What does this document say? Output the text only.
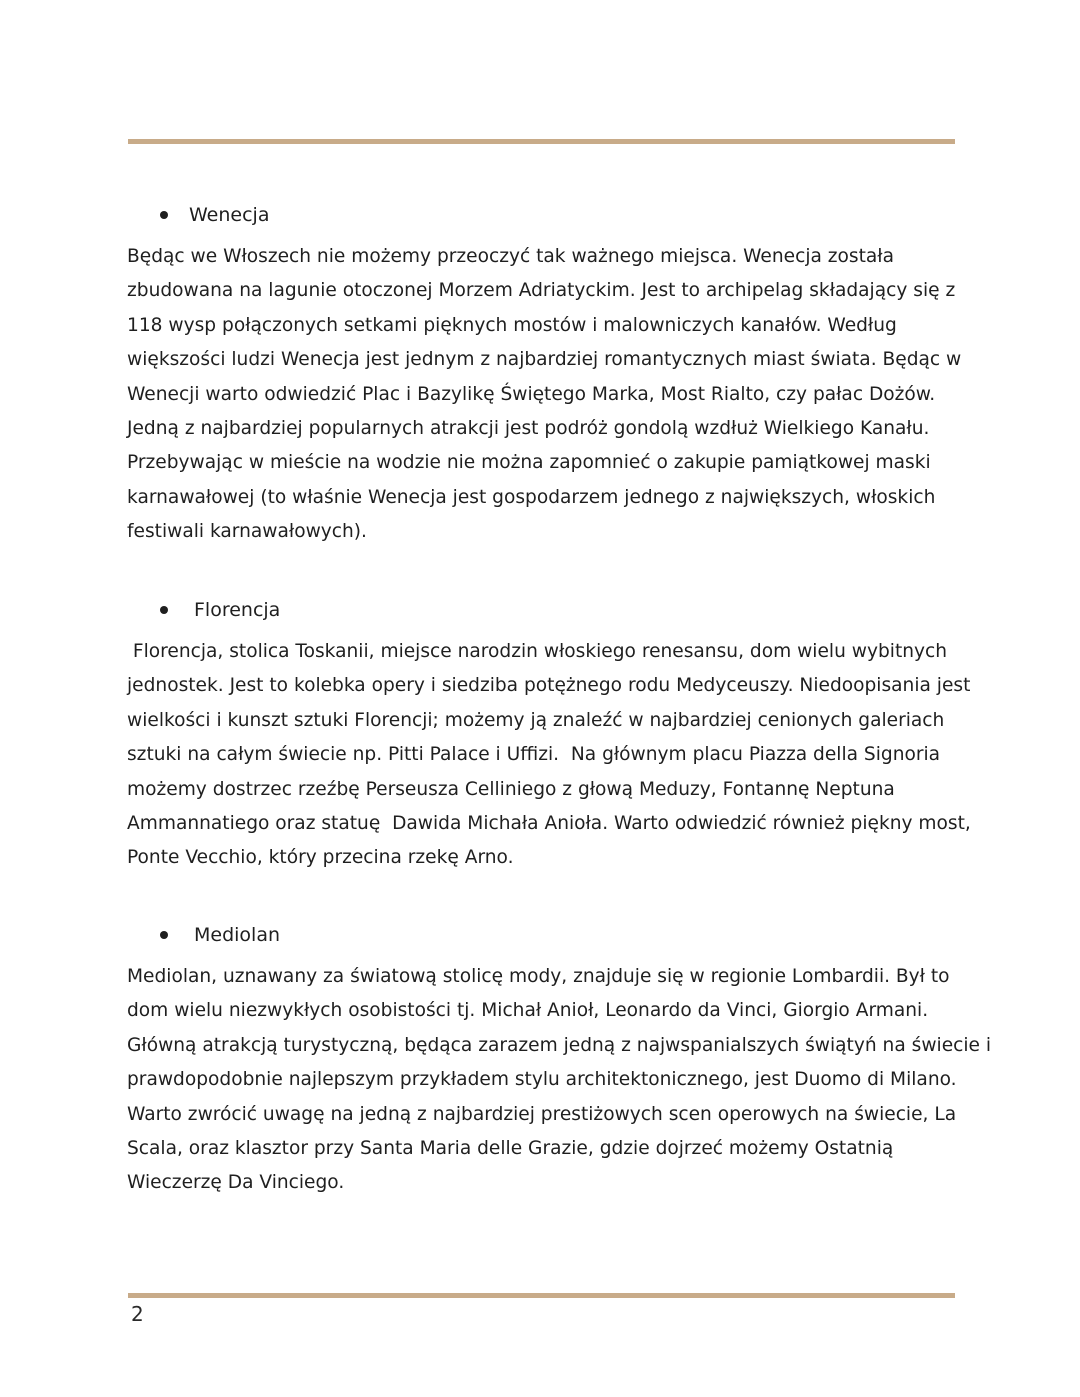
Wenecja
Będąc we Włoszech nie możemy przeoczyć tak ważnego miejsca. Wenecja została
zbudowana na lagunie otoczonej Morzem Adriatyckim. Jest to archipelag składający się z
118 wysp połączonych setkami pięknych mostów i malowniczych kanałów. Według
większości ludzi Wenecja jest jednym z najbardziej romantycznych miast świata. Będąc w
Wenecji warto odwiedzić Plac i Bazylikę Świętego Marka, Most Rialto, czy pałac Dożów.
Jedną z najbardziej popularnych atrakcji jest podróż gondolą wzdłuż Wielkiego Kanału.
Przebywając w mieście na wodzie nie można zapomnieć o zakupie pamiątkowej maski
karnawałowej (to właśnie Wenecja jest gospodarzem jednego z największych, włoskich
festiwali karnawałowych).
Florencja
Florencja, stolica Toskanii, miejsce narodzin włoskiego renesansu, dom wielu wybitnych
jednostek. Jest to kolebka opery i siedziba potężnego rodu Medyceuszy. Niedoopisania jest
wielkości i kunszt sztuki Florencji; możemy ją znaleźć w najbardziej cenionych galeriach
sztuki na całym świecie np. Pitti Palace i Uffizi.  Na głównym placu Piazza della Signoria
możemy dostrzec rzeźbę Perseusza Celliniego z głową Meduzy, Fontannę Neptuna
Ammannatiego oraz statuę  Dawida Michała Anioła. Warto odwiedzić również piękny most,
Ponte Vecchio, który przecina rzekę Arno.
Mediolan
Mediolan, uznawany za światową stolicę mody, znajduje się w regionie Lombardii. Był to
dom wielu niezwykłych osobistości tj. Michał Anioł, Leonardo da Vinci, Giorgio Armani.
Główną atrakcją turystyczną, będąca zarazem jedną z najwspanialszych świątyń na świecie i
prawdopodobnie najlepszym przykładem stylu architektonicznego, jest Duomo di Milano.
Warto zwrócić uwagę na jedną z najbardziej prestiżowych scen operowych na świecie, La
Scala, oraz klasztor przy Santa Maria delle Grazie, gdzie dojrzeć możemy Ostatnią
Wieczerzę Da Vinciego.
2
